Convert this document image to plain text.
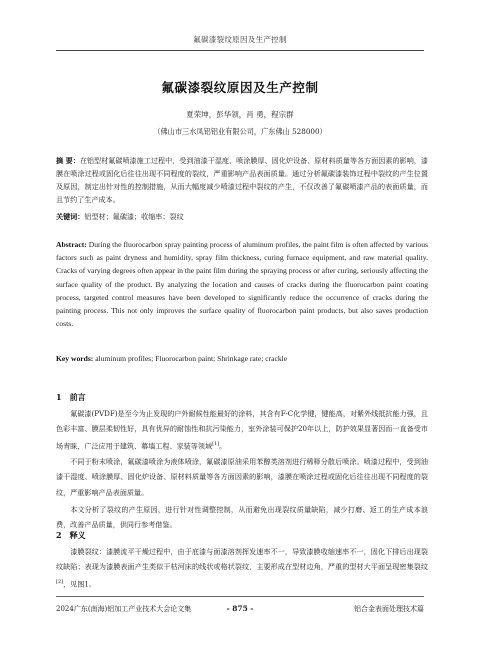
氟碳漆裂纹原因及生产控制
氟碳漆裂纹原因及生产控制
夏荣坤，彭华领，肖 勇，程宗群
（佛山市三水凤铝铝业有限公司，广东佛山 528000）
摘 要：在铝型材氟碳喷漆施工过程中，受到油漆干湿度、喷涂膜厚、固化炉设备、原材料质量等各方面因素的影响，漆膜在喷涂过程或固化后往往出现不同程度的裂纹，严重影响产品表面质量。通过分析氟碳漆装饰过程中裂纹的产生位置及原因，制定出针对性的控制措施，从而大幅度减少喷漆过程中裂纹的产生，不仅改善了氟碳喷漆产品的表面质量，而且节约了生产成本。
关键词：铝型材；氟碳漆；收缩率；裂纹
Abstract: During the fluorocarbon spray painting process of aluminum profiles, the paint film is often affected by various factors such as paint dryness and humidity, spray film thickness, curing furnace equipment, and raw material quality. Cracks of varying degrees often appear in the paint film during the spraying process or after curing, seriously affecting the surface quality of the product. By analyzing the location and causes of cracks during the fluorocarbon paint coating process, targeted control measures have been developed to significantly reduce the occurrence of cracks during the painting process. This not only improves the surface quality of fluorocarbon paint products, but also saves production costs.
Key words: aluminum profiles; Fluorocarbon paint; Shrinkage rate; crackle
1　前言
氟碳漆(PVDF)是至今为止发现的户外耐候性能最好的涂料，其含有F-C化学键，键能高，对紫外线抵抗能力强，且色彩丰富、膜层柔韧性好，具有优异的耐蚀性和抗污染能力，室外涂装可保护20年以上，防护效果显著因而一直备受市场青睐，广泛应用于建筑、幕墙工程、家装等领域[1]。
不同于粉末喷涂，氟碳漆喷涂为液体喷涂，氟碳漆原油采用苯醇类溶剂进行稀释分散后喷涂。喷漆过程中，受到油漆干湿度、喷涂膜厚、固化炉设备、原材料质量等各方面因素的影响，漆膜在喷涂过程或固化后往往出现不同程度的裂纹，严重影响产品表面质量。
本文分析了裂纹的产生原因，进行针对性调整控制，从而避免出现裂纹质量缺陷，减少打磨、返工的生产成本浪费，改善产品质量，供同行参考借鉴。
2　释义
漆膜裂纹：漆膜流平干燥过程中，由于底漆与面漆溶剂挥发速率不一，导致漆膜收缩速率不一，固化下排后出现裂纹缺陷；表现为漆膜表面产生类似干枯河床的线状或格状裂纹，主要形成在型材边角，严重的型材大平面呈现密集裂纹[2]，见图1。
2024广东(南海)铝加工产业技术大会论文集	- 875 -	铝合金表面处理技术篇
